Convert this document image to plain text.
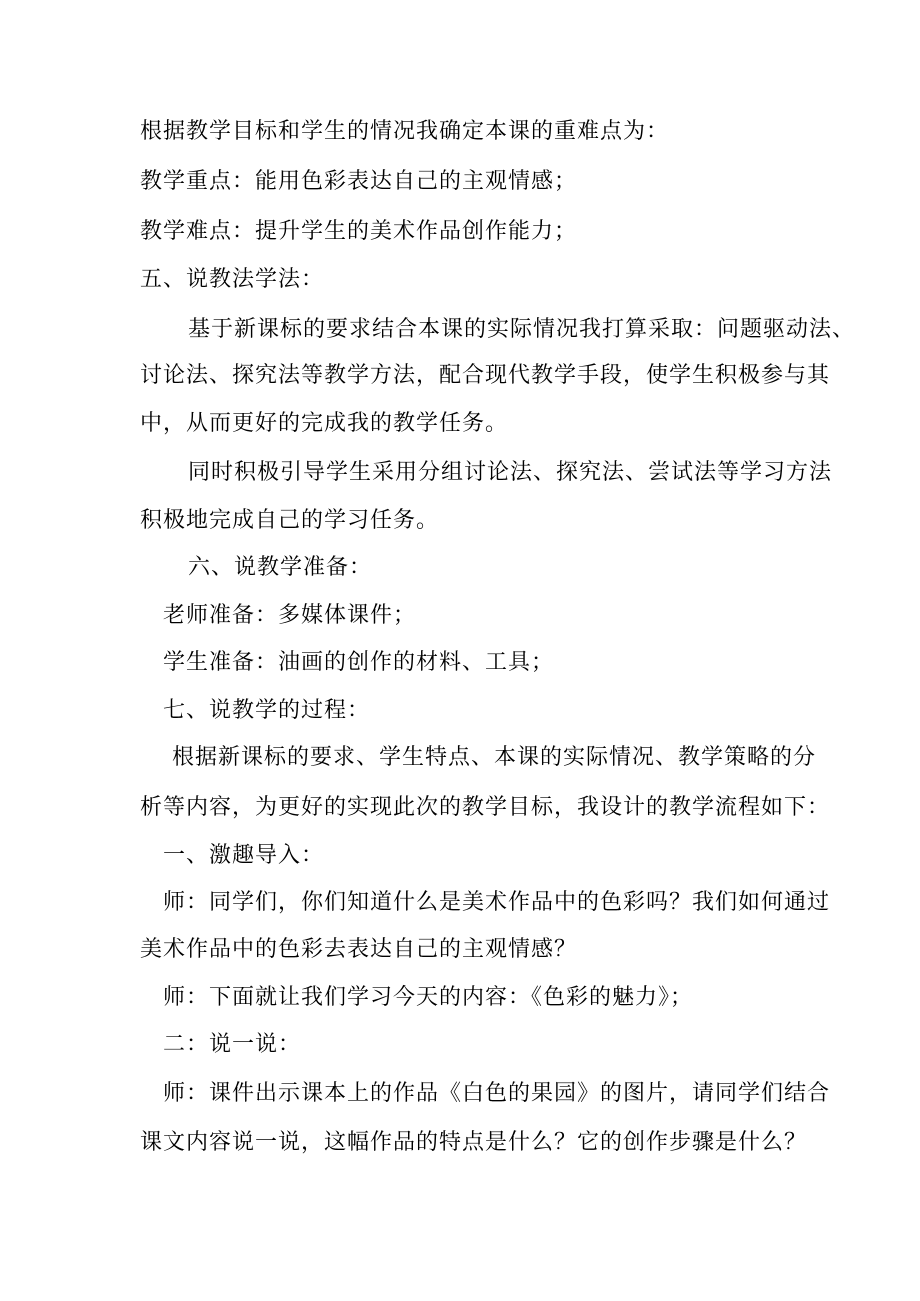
根据教学目标和学生的情况我确定本课的重难点为：
教学重点：能用色彩表达自己的主观情感；
教学难点：提升学生的美术作品创作能力；
五、说教法学法：
基于新课标的要求结合本课的实际情况我打算采取：问题驱动法、
讨论法、探究法等教学方法，配合现代教学手段，使学生积极参与其
中，从而更好的完成我的教学任务。
同时积极引导学生采用分组讨论法、探究法、尝试法等学习方法
积极地完成自己的学习任务。
六、说教学准备：
老师准备：多媒体课件；
学生准备：油画的创作的材料、工具；
七、说教学的过程：
根据新课标的要求、学生特点、本课的实际情况、教学策略的分
析等内容，为更好的实现此次的教学目标，我设计的教学流程如下：
一、激趣导入：
师：同学们，你们知道什么是美术作品中的色彩吗？我们如何通过
美术作品中的色彩去表达自己的主观情感？
师：下面就让我们学习今天的内容：《色彩的魅力》；
二：说一说：
师：课件出示课本上的作品《白色的果园》的图片，请同学们结合
课文内容说一说，这幅作品的特点是什么？它的创作步骤是什么？
